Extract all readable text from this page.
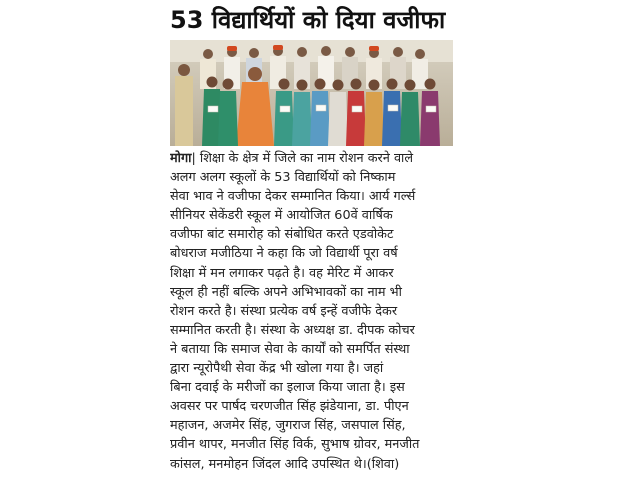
53 विद्यार्थियों को दिया वजीफा
मोगा| शिक्षा के क्षेत्र में जिले का नाम रोशन करने वाले
अलग अलग स्कूलों के 53 विद्यार्थियों को निष्काम
सेवा भाव ने वजीफा देकर सम्मानित किया। आर्य गर्ल्स
सीनियर सेकेंडरी स्कूल में आयोजित 60वें वार्षिक
वजीफा बांट समारोह को संबोधित करते एडवोकेट
बोधराज मजीठिया ने कहा कि जो विद्यार्थी पूरा वर्ष
शिक्षा में मन लगाकर पढ़ते है। वह मेरिट में आकर
स्कूल ही नहीं बल्कि अपने अभिभावकों का नाम भी
रोशन करते है। संस्था प्रत्येक वर्ष इन्हें वजीफे देकर
सम्मानित करती है। संस्था के अध्यक्ष डा. दीपक कोचर
ने बताया कि समाज सेवा के कार्यों को समर्पित संस्था
द्वारा न्यूरोपैथी सेवा केंद्र भी खोला गया है। जहां
बिना दवाई के मरीजों का इलाज किया जाता है। इस
अवसर पर पार्षद चरणजीत सिंह झंडेयाना, डा. पीएन
महाजन, अजमेर सिंह, जुगराज सिंह, जसपाल सिंह,
प्रवीन थापर, मनजीत सिंह विर्क, सुभाष ग्रोवर, मनजीत
कांसल, मनमोहन जिंदल आदि उपस्थित थे।(शिवा)
